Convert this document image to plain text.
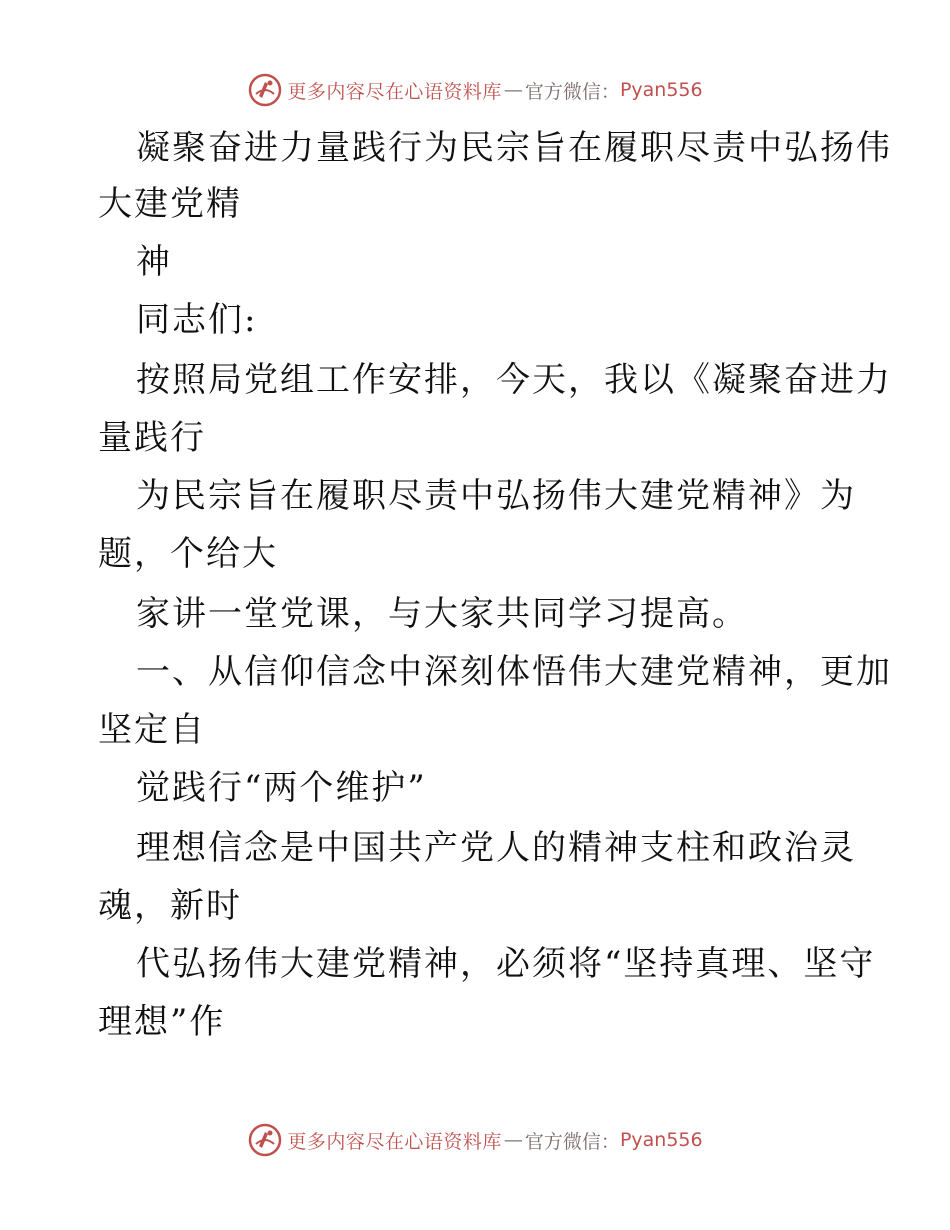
更多内容尽在心语资料库 — 官方微信： Pyan556
凝聚奋进力量践行为民宗旨在履职尽责中弘扬伟
大建党精
神
同志们:
按照局党组工作安排，今天，我以《凝聚奋进力
量践行
为民宗旨在履职尽责中弘扬伟大建党精神》为
题，个给大
家讲一堂党课，与大家共同学习提高。
一、从信仰信念中深刻体悟伟大建党精神，更加
坚定自
觉践行“两个维护”
理想信念是中国共产党人的精神支柱和政治灵
魂，新时
代弘扬伟大建党精神，必须将“坚持真理、坚守
理想”作
更多内容尽在心语资料库 — 官方微信： Pyan556
